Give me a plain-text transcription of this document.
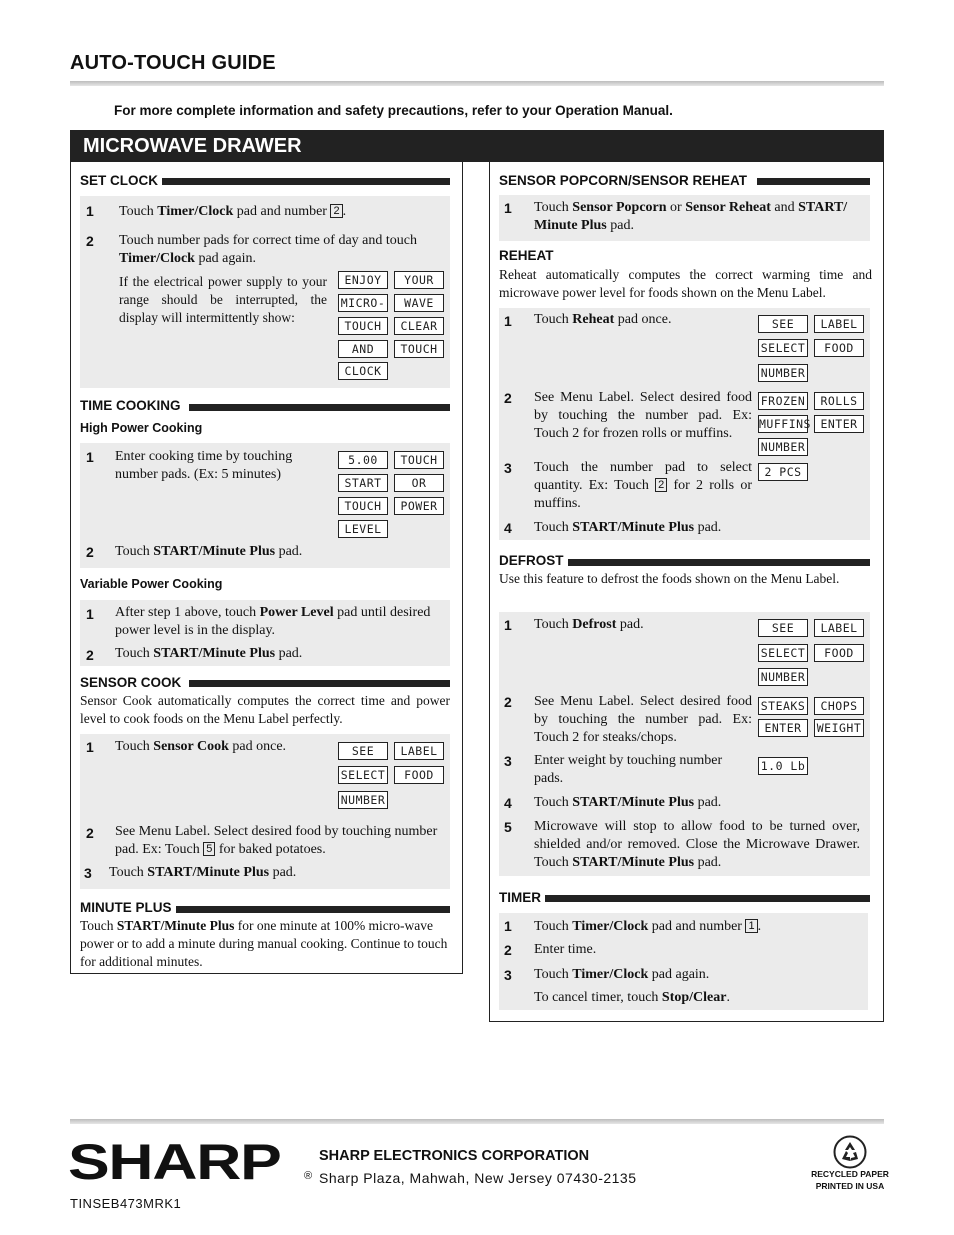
AUTO-TOUCH GUIDE
For more complete information and safety precautions, refer to your Operation Manual.
MICROWAVE DRAWER
SET CLOCK
1 Touch Timer/Clock pad and number 2 .
2 Touch number pads for correct time of day and touch Timer/Clock pad again.
If the electrical power supply to your range should be interrupted, the display will intermittently show:
ENJOY	YOUR
MICRO-	WAVE
TOUCH	CLEAR
AND	TOUCH
CLOCK
TIME COOKING
High Power Cooking
1 Enter cooking time by touching number pads. (Ex: 5 minutes)
5.00	TOUCH
START	OR
TOUCH	POWER
LEVEL
2 Touch START/Minute Plus pad.
Variable Power Cooking
1 After step 1 above, touch Power Level pad until desired power level is in the display.
2 Touch START/Minute Plus pad.
SENSOR COOK
Sensor Cook automatically computes the correct time and power level to cook foods on the Menu Label perfectly.
1 Touch Sensor Cook pad once.	SEE	LABEL
SELECT	FOOD
NUMBER
2 See Menu Label. Select desired food by touching number pad. Ex: Touch 5 for baked potatoes.
3 Touch START/Minute Plus pad.
MINUTE PLUS
Touch START/Minute Plus for one minute at 100% micro-wave power or to add a minute during manual cooking. Continue to touch for additional minutes.
SENSOR POPCORN/SENSOR REHEAT
1 Touch Sensor Popcorn or Sensor Reheat and START/ Minute Plus pad.
REHEAT
Reheat automatically computes the correct warming time and microwave power level for foods shown on the Menu Label.
1 Touch Reheat pad once.	SEE	LABEL
SELECT	FOOD
NUMBER
2 See Menu Label. Select desired food by touching the number pad. Ex: Touch 2 for frozen rolls or muffins.
FROZEN	ROLLS
MUFFINS ENTER
NUMBER
3 Touch the number pad to select quantity. Ex: Touch 2 for 2 rolls or muffins.
2 PCS
4 Touch START/Minute Plus pad.
DEFROST
Use this feature to defrost the foods shown on the Menu Label.
1 Touch Defrost pad.	SEE	LABEL
SELECT	FOOD
NUMBER
2 See Menu Label. Select desired food by touching the number pad. Ex: Touch 2 for steaks/chops.
STEAKS	CHOPS
ENTER	WEIGHT
3 Enter weight by touching number pads.
1.0 Lb
4 Touch START/Minute Plus pad.
5 Microwave will stop to allow food to be turned over, shielded and/or removed. Close the Microwave Drawer. Touch START/Minute Plus pad.
TIMER
1 Touch Timer/Clock pad and number 1 .
2 Enter time.
3 Touch Timer/Clock pad again.
To cancel timer, touch Stop/Clear.
SHARP	SHARP ELECTRONICS CORPORATION
® Sharp Plaza, Mahwah, New Jersey 07430-2135
TINSEB473MRK1
RECYCLED PAPER
PRINTED IN USA
